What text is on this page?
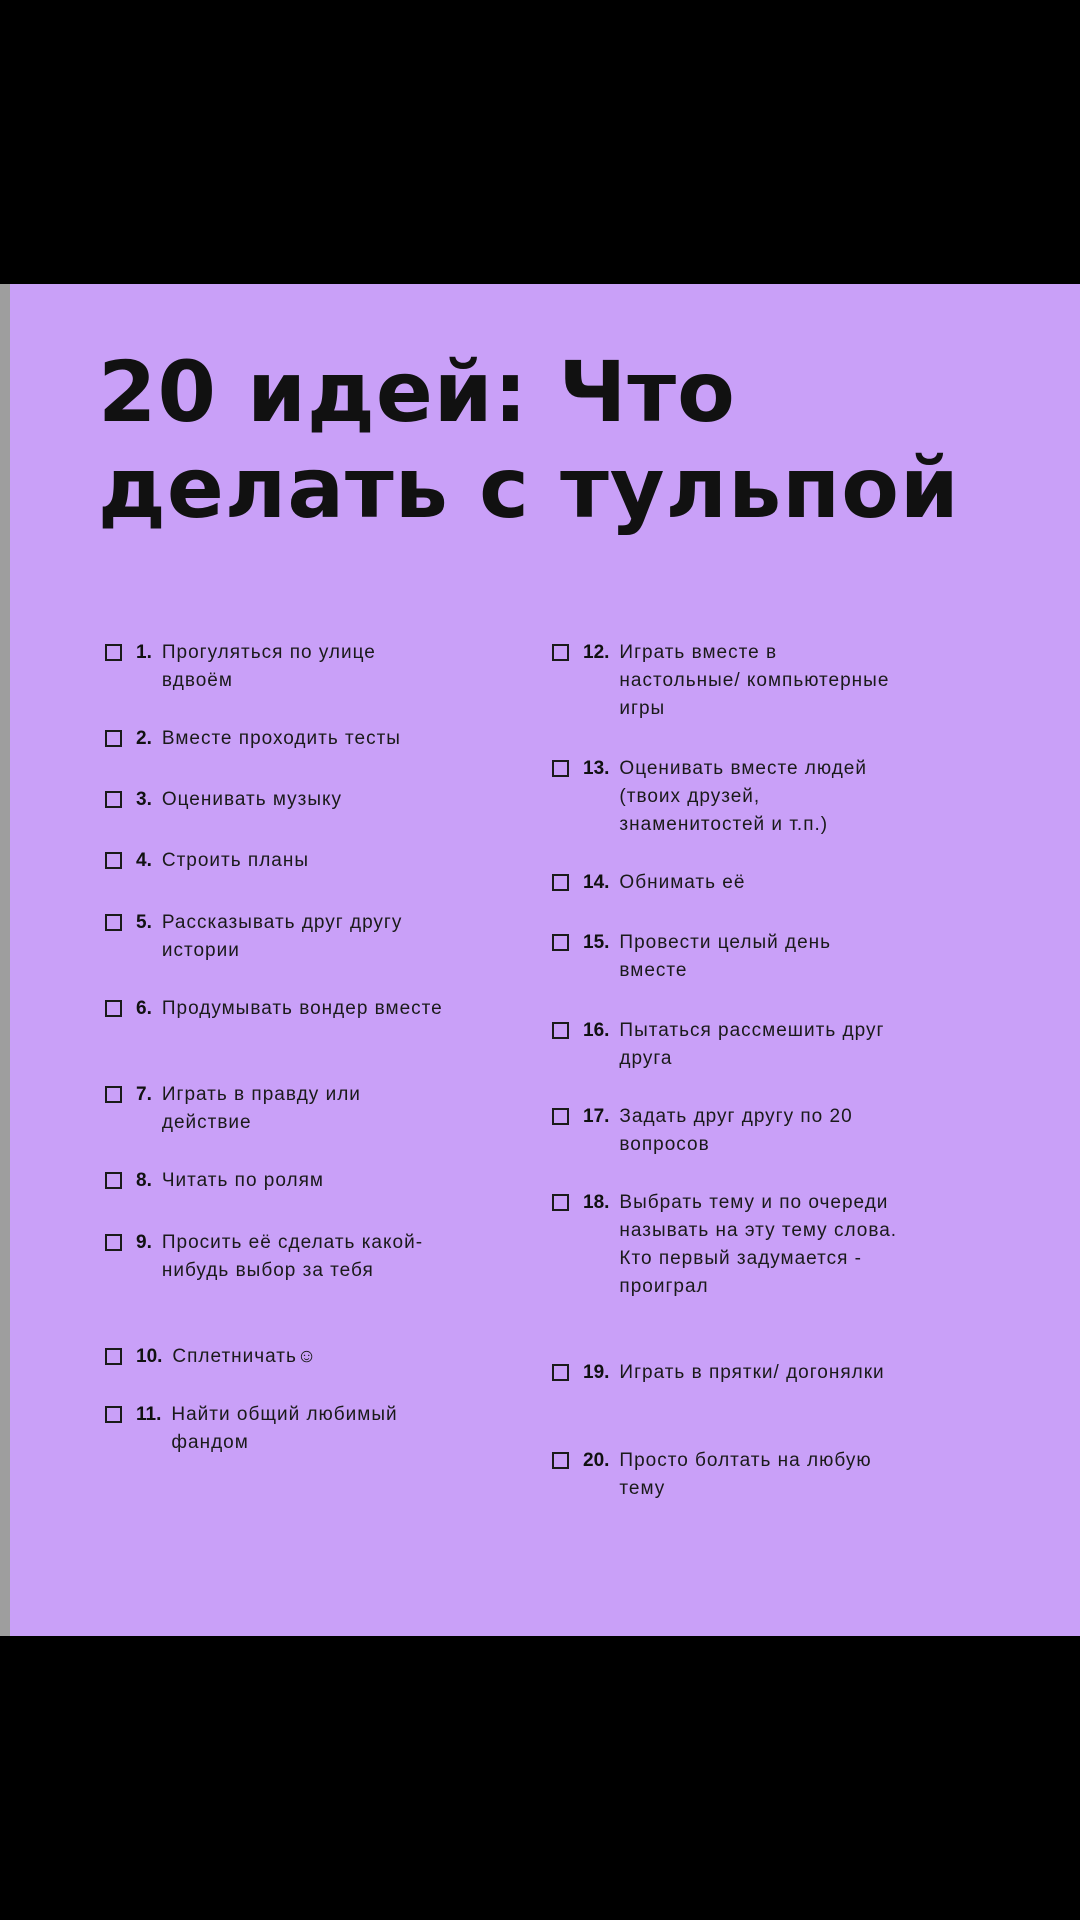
20 идей: Что
делать с тульпой
1. Прогуляться по улице вдвоём
2. Вместе проходить тесты
3. Оценивать музыку
4. Строить планы
5. Рассказывать друг другу истории
6. Продумывать вондер вместе
7. Играть в правду или действие
8. Читать по ролям
9. Просить её сделать какой-нибудь выбор за тебя
10. Сплетничать☺
11. Найти общий любимый фандом
12. Играть вместе в настольные/ компьютерные игры
13. Оценивать вместе людей (твоих друзей, знаменитостей и т.п.)
14. Обнимать её
15. Провести целый день вместе
16. Пытаться рассмешить друг друга
17. Задать друг другу по 20 вопросов
18. Выбрать тему и по очереди называть на эту тему слова. Кто первый задумается - проиграл
19. Играть в прятки/ догонялки
20. Просто болтать на любую тему
